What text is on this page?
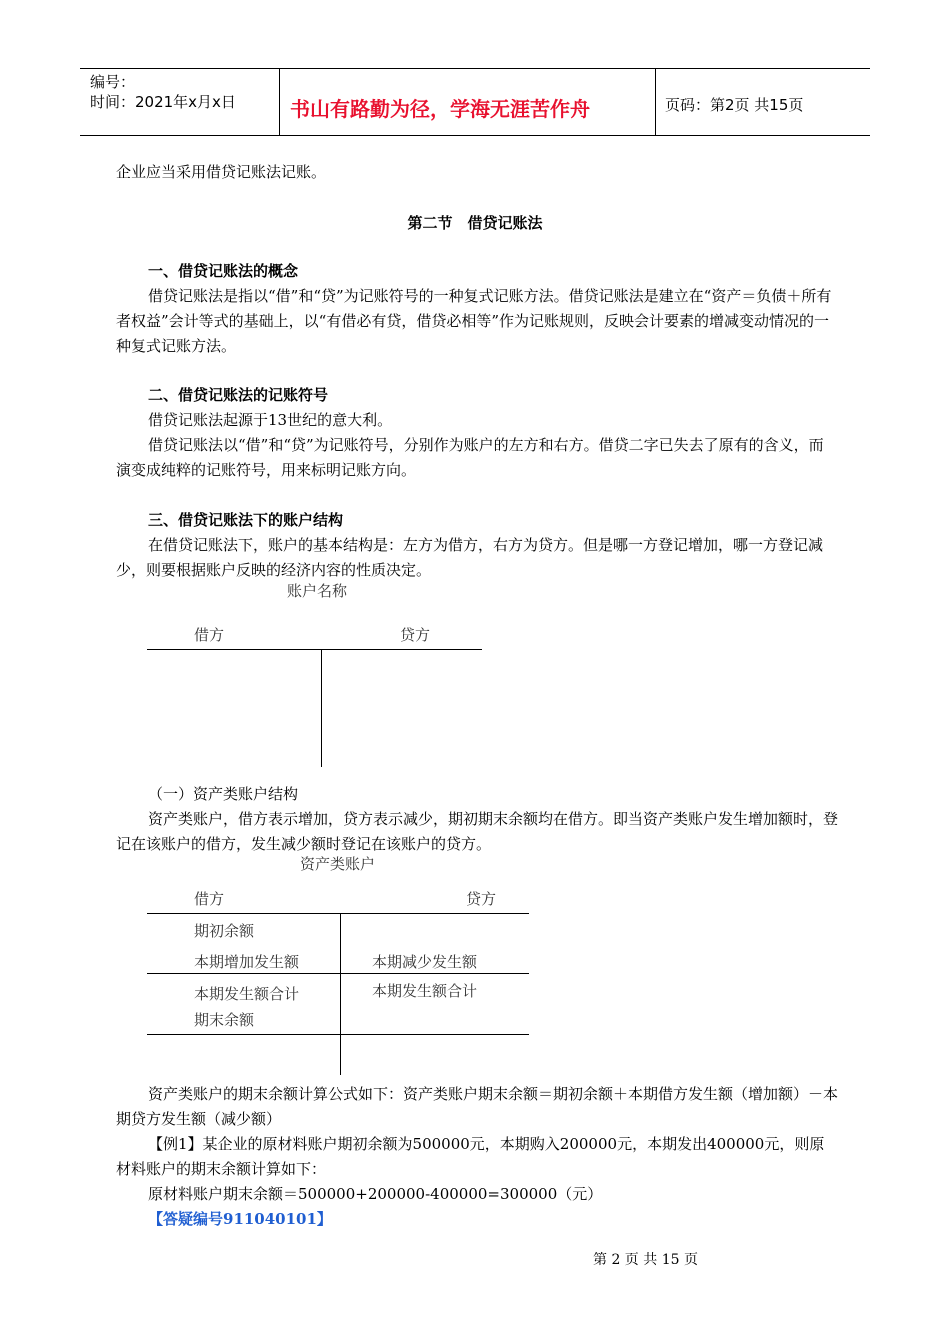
编号：
时间：2021年x月x日	书山有路勤为径，学海无涯苦作舟	页码：第2页 共15页
企业应当采用借贷记账法记账。
第二节　借贷记账法
一、借贷记账法的概念
借贷记账法是指以“借”和“贷”为记账符号的一种复式记账方法。借贷记账法是建立在“资产＝负债＋所有者权益”会计等式的基础上，以“有借必有贷，借贷必相等”作为记账规则，反映会计要素的增减变动情况的一种复式记账方法。
二、借贷记账法的记账符号
借贷记账法起源于13世纪的意大利。
借贷记账法以“借”和“贷”为记账符号，分别作为账户的左方和右方。借贷二字已失去了原有的含义，而演变成纯粹的记账符号，用来标明记账方向。
三、借贷记账法下的账户结构
在借贷记账法下，账户的基本结构是：左方为借方，右方为贷方。但是哪一方登记增加，哪一方登记减少，则要根据账户反映的经济内容的性质决定。
账户名称
借方	贷方
（一）资产类账户结构
资产类账户，借方表示增加，贷方表示减少，期初期末余额均在借方。即当资产类账户发生增加额时，登记在该账户的借方，发生减少额时登记在该账户的贷方。
资产类账户
借方	贷方
期初余额
本期增加发生额	本期减少发生额
本期发生额合计	本期发生额合计
期末余额
资产类账户的期末余额计算公式如下：资产类账户期末余额＝期初余额＋本期借方发生额（增加额）－本期贷方发生额（减少额）
【例1】某企业的原材料账户期初余额为500000元，本期购入200000元，本期发出400000元，则原材料账户的期末余额计算如下：
原材料账户期末余额＝500000+200000-400000=300000（元）
【答疑编号911040101】
第 2 页 共 15 页
